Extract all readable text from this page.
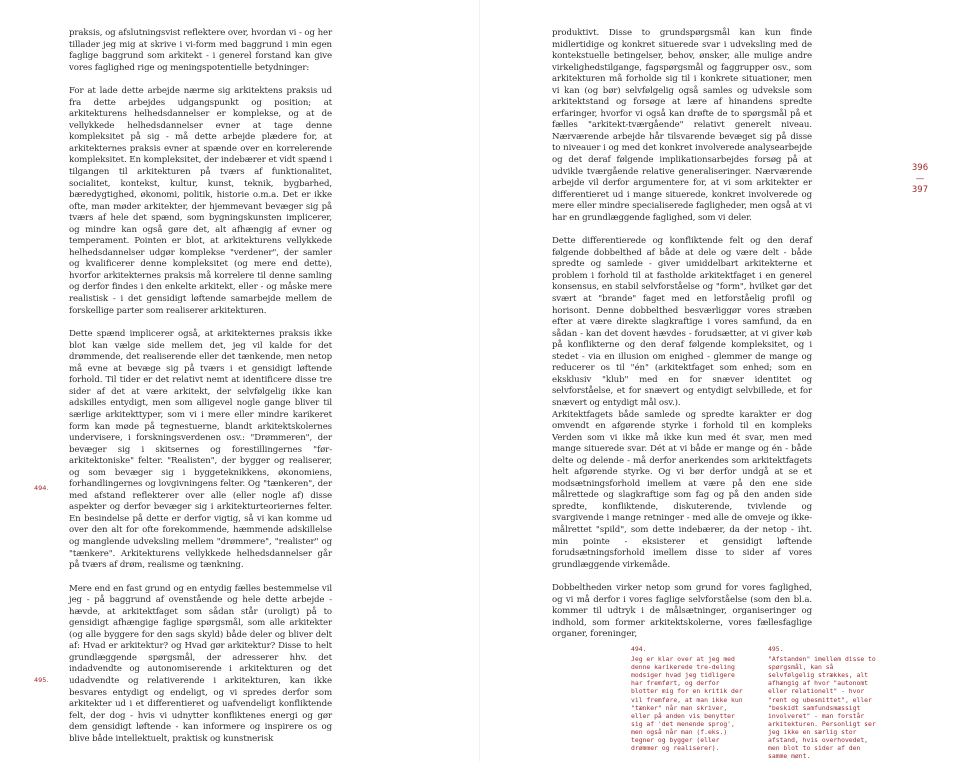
praksis, og afslutningsvist reflektere over, hvordan vi - og her tillader jeg mig at skrive i vi-form med baggrund i min egen faglige baggrund som arkitekt - i generel forstand kan give vores faglighed rige og meningspotentielle betydninger:

For at lade dette arbejde nærme sig arkitektens praksis ud fra dette arbejdes udgangspunkt og position; at arkitekturens helhedsdannelser er komplekse, og at de vellykkede helhedsdannelser evner at tage denne kompleksitet på sig - må dette arbejde plædere for, at arkitekternes praksis evner at spænde over en korrelerende kompleksitet. En kompleksitet, der indebærer et vidt spænd i tilgangen til arkitekturen på tværs af funktionalitet, socialitet, kontekst, kultur, kunst, teknik, bygbarhed, bæredygtighed, økonomi, politik, historie o.m.a. Det er ikke ofte, man møder arkitekter, der hjemmevant bevæger sig på tværs af hele det spænd, som bygningskunsten implicerer, og mindre kan også gøre det, alt afhængig af evner og temperament. Pointen er blot, at arkitekturens vellykkede helhedsdannelser udgør komplekse "verdener", der samler og kvalificerer denne kompleksitet (og mere end dette), hvorfor arkitekternes praksis må korrelere til denne samling og derfor findes i den enkelte arkitekt, eller - og måske mere realistisk - i det gensidigt løftende samarbejde mellem de forskellige parter som realiserer arkitekturen.

Dette spænd implicerer også, at arkitekternes praksis ikke blot kan vælge side mellem det, jeg vil kalde for det drømmende, det realiserende eller det tænkende, men netop må evne at bevæge sig på tværs i et gensidigt løftende forhold. Til tider er det relativt nemt at identificere disse tre sider af det at være arkitekt, der selvfølgelig ikke kan adskilles entydigt, men som alligevel nogle gange bliver til særlige arkitekttyper, som vi i mere eller mindre karikeret form kan møde på tegnestuerne, blandt arkitektskolernes undervisere, i forskningsverdenen osv.: "Drømmeren", der bevæger sig i skitsernes og forestillingernes "før-arkitektoniske" felter. "Realisten", der bygger og realiserer, og som bevæger sig i byggeteknikkens, økonomiens, forhandlingernes og lovgivningens felter. Og "tænkeren", der med afstand reflekterer over alle (eller nogle af) disse aspekter og derfor bevæger sig i arkitekturteoriernes felter. En besindelse på dette er derfor vigtig, så vi kan komme ud over den alt for ofte forekommende, hæmmende adskillelse og manglende udveksling mellem "drømmere", "realister" og "tænkere". Arkitekturens vellykkede helhedsdannelser går på tværs af drøm, realisme og tænkning.

Mere end en fast grund og en entydig fælles bestemmelse vil jeg - på baggrund af ovenstående og hele dette arbejde - hævde, at arkitektfaget som sådan står (uroligt) på to gensidigt afhængige faglige spørgsmål, som alle arkitekter (og alle byggere for den sags skyld) både deler og bliver delt af: Hvad er arkitektur? og Hvad gør arkitektur? Disse to helt grundlæggende spørgsmål, der adresserer hhv. det indadvendte og autonomiserende i arkitekturen og det udadvendte og relativerende i arkitekturen, kan ikke besvares entydigt og endeligt, og vi spredes derfor som arkitekter ud i et differentieret og uafvendeligt konfliktende felt, der dog - hvis vi udnytter konfliktenes energi og gør dem gensidigt løftende - kan informere og inspirere os og blive både intellektuelt, praktisk og kunstnerisk

494.
495.

produktivt. Disse to grundspørgsmål kan kun finde midlertidige og konkret situerede svar i udveksling med de kontekstuelle betingelser, behov, ønsker, alle mulige andre virkelighedstilgange, fagspørgsmål og faggrupper osv., som arkitekturen må forholde sig til i konkrete situationer, men vi kan (og bør) selvfølgelig også samles og udveksle som arkitektstand og forsøge at lære af hinandens spredte erfaringer, hvorfor vi også kan drøfte de to spørgsmål på et fælles "arkitekt-tværgående" relativt generelt niveau. Nærværende arbejde hår tilsvarende bevæget sig på disse to niveauer i og med det konkret involverede analysearbejde og det deraf følgende implikationsarbejdes forsøg på at udvikle tværgående relative generaliseringer. Nærværende arbejde vil derfor argumentere for, at vi som arkitekter er differentieret ud i mange situerede, konkret involverede og mere eller mindre specialiserede fagligheder, men også at vi har en grundlæggende faglighed, som vi deler.

Dette differentierede og konfliktende felt og den deraf følgende dobbelthed af både at dele og være delt - både spredte og samlede - giver umiddelbart arkitekterne et problem i forhold til at fastholde arkitektfaget i en generel konsensus, en stabil selvforståelse og "form", hvilket gør det svært at "brande" faget med en letforståelig profil og horisont. Denne dobbelthed besværliggør vores stræben efter at være direkte slagkraftige i vores samfund, da en sådan - kan det dovent hævdes - forudsætter, at vi giver køb på konflikterne og den deraf følgende kompleksitet, og i stedet - via en illusion om enighed - glemmer de mange og reducerer os til "én" (arkitektfaget som enhed; som en eksklusiv "klub" med en for snæver identitet og selvforståelse, et for snævert og entydigt selvbillede, et for snævert og entydigt mål osv.).

Arkitektfagets både samlede og spredte karakter er dog omvendt en afgørende styrke i forhold til en kompleks Verden som vi ikke må ikke kun med ét svar, men med mange situerede svar. Dét at vi både er mange og én - både delte og delende - må derfor anerkendes som arkitektfagets helt afgørende styrke. Og vi bør derfor undgå at se et modsætningsforhold imellem at være på den ene side målrettede og slagkraftige som fag og på den anden side spredte, konfliktende, diskuterende, tvivlende og svargivende i mange retninger - med alle de omveje og ikke-målrettet "spild", som dette indebærer, da der netop - iht. min pointe - eksisterer et gensidigt løftende forudsætningsforhold imellem disse to sider af vores grundlæggende virkemåde.

Dobbeltheden virker netop som grund for vores faglighed, og vi må derfor i vores faglige selvforståelse (som den bl.a. kommer til udtryk i de målsætninger, organiseringer og indhold, som former arkitektskolerne, vores fællesfaglige organer, foreninger,

396
—
397
494.
Jeg er klar over at jeg med denne karikerede tre-deling modsiger hvad jeg tidligere har fremført, og derfor blotter mig for en kritik der vil fremføre, at man ikke kun "tænker" når man skriver, eller på anden vis benytter sig af 'det menende sprog', men også når man (f.eks.) tegner og bygger (eller drømmer og realiserer).
495.
"Afstanden" imellem disse to spørgsmål, kan så selvfølgelig strækkes, alt afhængig af hvor "autonomt eller relationelt" - hvor "rent og ubesmittet", eller "beskidt samfundsmæssigt involveret" - man forstår arkitekturen. Personligt ser jeg ikke en særlig stor afstand, hvis overhovedet, men blot to sider af den samme mønt.
